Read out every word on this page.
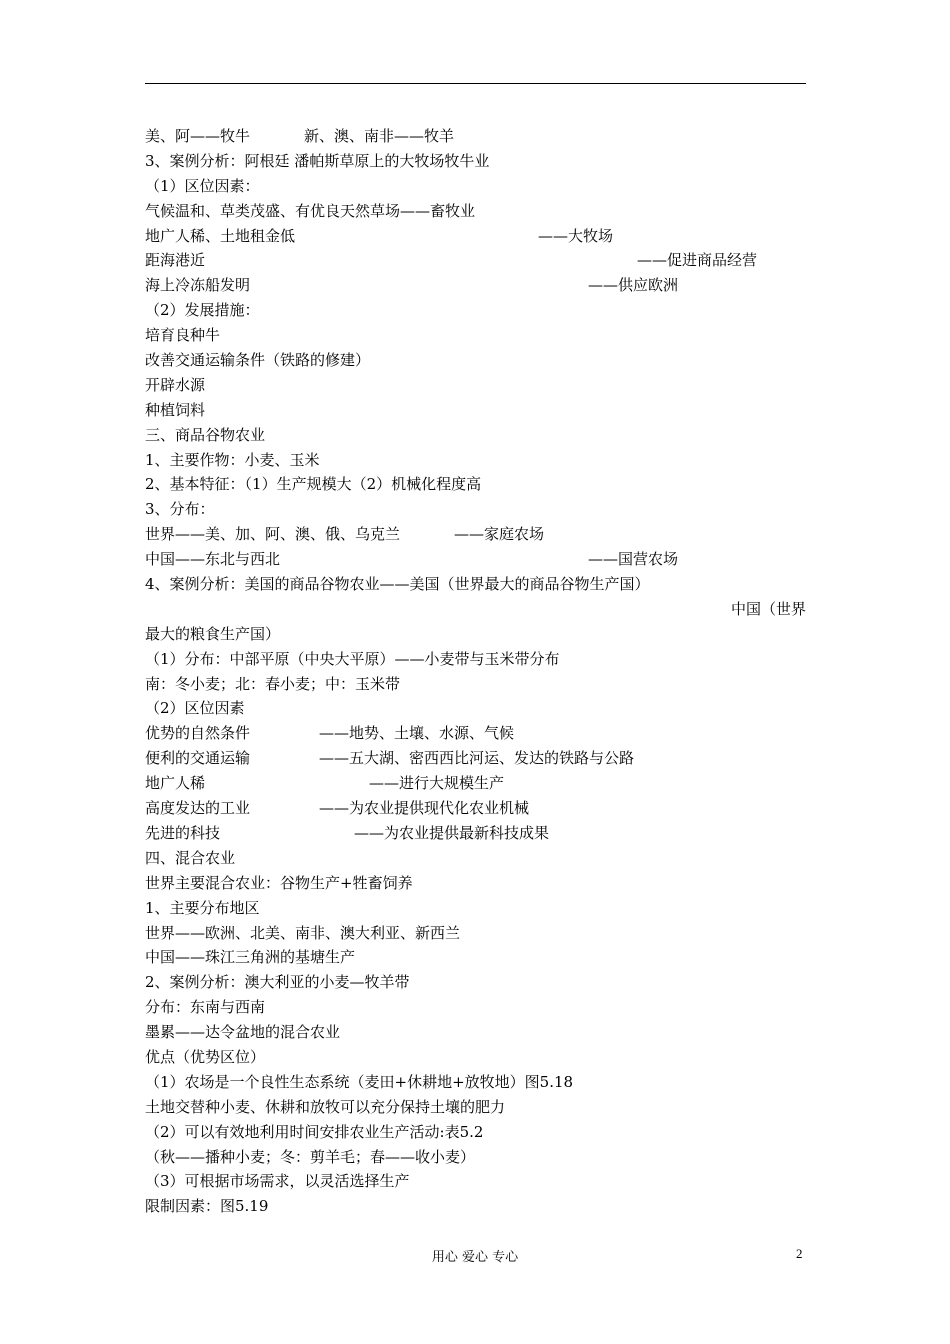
美、阿——牧牛	新、澳、南非——牧羊
3、案例分析：阿根廷 潘帕斯草原上的大牧场牧牛业
（1）区位因素：
气候温和、草类茂盛、有优良天然草场——畜牧业
地广人稀、土地租金低	——大牧场
距海港近	——促进商品经营
海上冷冻船发明	——供应欧洲
（2）发展措施：
培育良种牛
改善交通运输条件（铁路的修建）
开辟水源
种植饲料
三、商品谷物农业
1、主要作物：小麦、玉米
2、基本特征：（1）生产规模大（2）机械化程度高
3、分布：
世界——美、加、阿、澳、俄、乌克兰	——家庭农场
中国——东北与西北	——国营农场
4、案例分析：美国的商品谷物农业——美国（世界最大的商品谷物生产国）
中国（世界
最大的粮食生产国）
（1）分布：中部平原（中央大平原）——小麦带与玉米带分布
南：冬小麦；北：春小麦；中：玉米带
（2）区位因素
优势的自然条件	——地势、土壤、水源、气候
便利的交通运输	——五大湖、密西西比河运、发达的铁路与公路
地广人稀	——进行大规模生产
高度发达的工业	——为农业提供现代化农业机械
先进的科技	——为农业提供最新科技成果
四、混合农业
世界主要混合农业：谷物生产+牲畜饲养
1、主要分布地区
世界——欧洲、北美、南非、澳大利亚、新西兰
中国——珠江三角洲的基塘生产
2、案例分析：澳大利亚的小麦—牧羊带
分布：东南与西南
墨累——达令盆地的混合农业
优点（优势区位）
（1）农场是一个良性生态系统（麦田+休耕地+放牧地）图5.18
土地交替种小麦、休耕和放牧可以充分保持土壤的肥力
（2）可以有效地利用时间安排农业生产活动:表5.2
（秋——播种小麦；冬：剪羊毛；春——收小麦）
（3）可根据市场需求，以灵活选择生产
限制因素：图5.19
用心 爱心 专心	2
